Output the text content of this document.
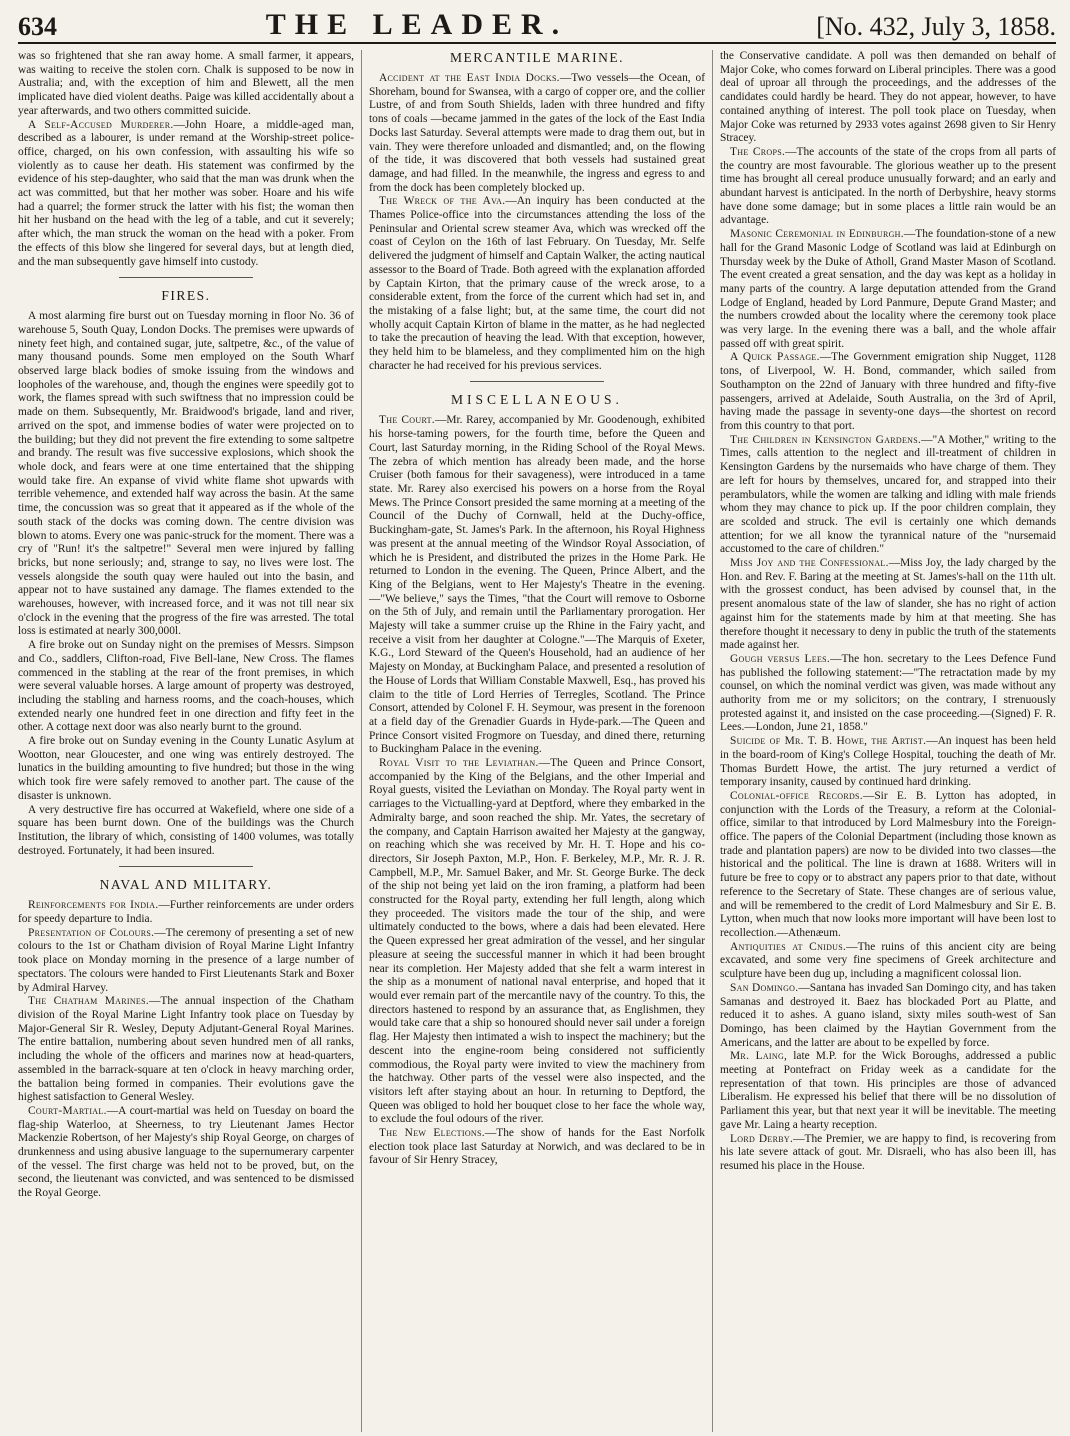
634	THE LEADER.	[No. 432, July 3, 1858.

was so frightened that she ran away home. A small farmer, it appears, was waiting to receive the stolen corn. Chalk is supposed to be now in Australia; and, with the exception of him and Blewett, all the men implicated have died violent deaths. Paige was killed accidentally about a year afterwards, and two others committed suicide.

A Self-Accused Murderer.—John Hoare, a middle-aged man, described as a labourer, is under remand at the Worship-street police-office, charged, on his own confession, with assaulting his wife so violently as to cause her death. His statement was confirmed by the evidence of his step-daughter, who said that the man was drunk when the act was committed, but that her mother was sober. Hoare and his wife had a quarrel; the former struck the latter with his fist; the woman then hit her husband on the head with the leg of a table, and cut it severely; after which, the man struck the woman on the head with a poker. From the effects of this blow she lingered for several days, but at length died, and the man subsequently gave himself into custody.

FIRES.

A most alarming fire burst out on Tuesday morning in floor No. 36 of warehouse 5, South Quay, London Docks. The premises were upwards of ninety feet high, and contained sugar, jute, saltpetre, &c., of the value of many thousand pounds. Some men employed on the South Wharf observed large black bodies of smoke issuing from the windows and loopholes of the warehouse, and, though the engines were speedily got to work, the flames spread with such swiftness that no impression could be made on them. Subsequently, Mr. Braidwood's brigade, land and river, arrived on the spot, and immense bodies of water were projected on to the building; but they did not prevent the fire extending to some saltpetre and brandy. The result was five successive explosions, which shook the whole dock, and fears were at one time entertained that the shipping would take fire. An expanse of vivid white flame shot upwards with terrible vehemence, and extended half way across the basin. At the same time, the concussion was so great that it appeared as if the whole of the south stack of the docks was coming down. The centre division was blown to atoms. Every one was panic-struck for the moment. There was a cry of "Run! it's the saltpetre!" Several men were injured by falling bricks, but none seriously; and, strange to say, no lives were lost. The vessels alongside the south quay were hauled out into the basin, and appear not to have sustained any damage. The flames extended to the warehouses, however, with increased force, and it was not till near six o'clock in the evening that the progress of the fire was arrested. The total loss is estimated at nearly 300,000l.

A fire broke out on Sunday night on the premises of Messrs. Simpson and Co., saddlers, Clifton-road, Five Bell-lane, New Cross. The flames commenced in the stabling at the rear of the front premises, in which were several valuable horses. A large amount of property was destroyed, including the stabling and harness rooms, and the coach-houses, which extended nearly one hundred feet in one direction and fifty feet in the other. A cottage next door was also nearly burnt to the ground.

A fire broke out on Sunday evening in the County Lunatic Asylum at Wootton, near Gloucester, and one wing was entirely destroyed. The lunatics in the building amounting to five hundred; but those in the wing which took fire were safely removed to another part. The cause of the disaster is unknown.

A very destructive fire has occurred at Wakefield, where one side of a square has been burnt down. One of the buildings was the Church Institution, the library of which, consisting of 1400 volumes, was totally destroyed. Fortunately, it had been insured.

NAVAL AND MILITARY.

Reinforcements for India.—Further reinforcements are under orders for speedy departure to India.

Presentation of Colours.—The ceremony of presenting a set of new colours to the 1st or Chatham division of Royal Marine Light Infantry took place on Monday morning in the presence of a large number of spectators. The colours were handed to First Lieutenants Stark and Boxer by Admiral Harvey.

The Chatham Marines.—The annual inspection of the Chatham division of the Royal Marine Light Infantry took place on Tuesday by Major-General Sir R. Wesley, Deputy Adjutant-General Royal Marines. The entire battalion, numbering about seven hundred men of all ranks, including the whole of the officers and marines now at head-quarters, assembled in the barrack-square at ten o'clock in heavy marching order, the battalion being formed in companies. Their evolutions gave the highest satisfaction to General Wesley.

Court-Martial.—A court-martial was held on Tuesday on board the flag-ship Waterloo, at Sheerness, to try Lieutenant James Hector Mackenzie Robertson, of her Majesty's ship Royal George, on charges of drunkenness and using abusive language to the supernumerary carpenter of the vessel. The first charge was held not to be proved, but, on the second, the lieutenant was convicted, and was sentenced to be dismissed the Royal George.

MERCANTILE MARINE.

Accident at the East India Docks.—Two vessels—the Ocean, of Shoreham, bound for Swansea, with a cargo of copper ore, and the collier Lustre, of and from South Shields, laden with three hundred and fifty tons of coals —became jammed in the gates of the lock of the East India Docks last Saturday. Several attempts were made to drag them out, but in vain. They were therefore unloaded and dismantled; and, on the flowing of the tide, it was discovered that both vessels had sustained great damage, and had filled. In the meanwhile, the ingress and egress to and from the dock has been completely blocked up.

The Wreck of the Ava.—An inquiry has been conducted at the Thames Police-office into the circumstances attending the loss of the Peninsular and Oriental screw steamer Ava, which was wrecked off the coast of Ceylon on the 16th of last February. On Tuesday, Mr. Selfe delivered the judgment of himself and Captain Walker, the acting nautical assessor to the Board of Trade. Both agreed with the explanation afforded by Captain Kirton, that the primary cause of the wreck arose, to a considerable extent, from the force of the current which had set in, and the mistaking of a false light; but, at the same time, the court did not wholly acquit Captain Kirton of blame in the matter, as he had neglected to take the precaution of heaving the lead. With that exception, however, they held him to be blameless, and they complimented him on the high character he had received for his previous services.

MISCELLANEOUS.

The Court.—Mr. Rarey, accompanied by Mr. Goodenough, exhibited his horse-taming powers, for the fourth time, before the Queen and Court, last Saturday morning, in the Riding School of the Royal Mews. The zebra of which mention has already been made, and the horse Cruiser (both famous for their savageness), were introduced in a tame state. Mr. Rarey also exercised his powers on a horse from the Royal Mews. The Prince Consort presided the same morning at a meeting of the Council of the Duchy of Cornwall, held at the Duchy-office, Buckingham-gate, St. James's Park. In the afternoon, his Royal Highness was present at the annual meeting of the Windsor Royal Association, of which he is President, and distributed the prizes in the Home Park. He returned to London in the evening. The Queen, Prince Albert, and the King of the Belgians, went to Her Majesty's Theatre in the evening.—"We believe," says the Times, "that the Court will remove to Osborne on the 5th of July, and remain until the Parliamentary prorogation. Her Majesty will take a summer cruise up the Rhine in the Fairy yacht, and receive a visit from her daughter at Cologne."—The Marquis of Exeter, K.G., Lord Steward of the Queen's Household, had an audience of her Majesty on Monday, at Buckingham Palace, and presented a resolution of the House of Lords that William Constable Maxwell, Esq., has proved his claim to the title of Lord Herries of Terregles, Scotland. The Prince Consort, attended by Colonel F. H. Seymour, was present in the forenoon at a field day of the Grenadier Guards in Hyde-park.—The Queen and Prince Consort visited Frogmore on Tuesday, and dined there, returning to Buckingham Palace in the evening.

Royal Visit to the Leviathan.—The Queen and Prince Consort, accompanied by the King of the Belgians, and the other Imperial and Royal guests, visited the Leviathan on Monday. The Royal party went in carriages to the Victualling-yard at Deptford, where they embarked in the Admiralty barge, and soon reached the ship. Mr. Yates, the secretary of the company, and Captain Harrison awaited her Majesty at the gangway, on reaching which she was received by Mr. H. T. Hope and his co-directors, Sir Joseph Paxton, M.P., Hon. F. Berkeley, M.P., Mr. R. J. R. Campbell, M.P., Mr. Samuel Baker, and Mr. St. George Burke. The deck of the ship not being yet laid on the iron framing, a platform had been constructed for the Royal party, extending her full length, along which they proceeded. The visitors made the tour of the ship, and were ultimately conducted to the bows, where a dais had been elevated. Here the Queen expressed her great admiration of the vessel, and her singular pleasure at seeing the successful manner in which it had been brought near its completion. Her Majesty added that she felt a warm interest in the ship as a monument of national naval enterprise, and hoped that it would ever remain part of the mercantile navy of the country. To this, the directors hastened to respond by an assurance that, as Englishmen, they would take care that a ship so honoured should never sail under a foreign flag. Her Majesty then intimated a wish to inspect the machinery; but the descent into the engine-room being considered not sufficiently commodious, the Royal party were invited to view the machinery from the hatchway. Other parts of the vessel were also inspected, and the visitors left after staying about an hour. In returning to Deptford, the Queen was obliged to hold her bouquet close to her face the whole way, to exclude the foul odours of the river.

The New Elections.—The show of hands for the East Norfolk election took place last Saturday at Norwich, and was declared to be in favour of Sir Henry Stracey,

the Conservative candidate. A poll was then demanded on behalf of Major Coke, who comes forward on Liberal principles. There was a good deal of uproar all through the proceedings, and the addresses of the candidates could hardly be heard. They do not appear, however, to have contained anything of interest. The poll took place on Tuesday, when Major Coke was returned by 2933 votes against 2698 given to Sir Henry Stracey.

The Crops.—The accounts of the state of the crops from all parts of the country are most favourable. The glorious weather up to the present time has brought all cereal produce unusually forward; and an early and abundant harvest is anticipated. In the north of Derbyshire, heavy storms have done some damage; but in some places a little rain would be an advantage.

Masonic Ceremonial in Edinburgh.—The foundation-stone of a new hall for the Grand Masonic Lodge of Scotland was laid at Edinburgh on Thursday week by the Duke of Atholl, Grand Master Mason of Scotland. The event created a great sensation, and the day was kept as a holiday in many parts of the country. A large deputation attended from the Grand Lodge of England, headed by Lord Panmure, Depute Grand Master; and the numbers crowded about the locality where the ceremony took place was very large. In the evening there was a ball, and the whole affair passed off with great spirit.

A Quick Passage.—The Government emigration ship Nugget, 1128 tons, of Liverpool, W. H. Bond, commander, which sailed from Southampton on the 22nd of January with three hundred and fifty-five passengers, arrived at Adelaide, South Australia, on the 3rd of April, having made the passage in seventy-one days—the shortest on record from this country to that port.

The Children in Kensington Gardens.—"A Mother," writing to the Times, calls attention to the neglect and ill-treatment of children in Kensington Gardens by the nursemaids who have charge of them. They are left for hours by themselves, uncared for, and strapped into their perambulators, while the women are talking and idling with male friends whom they may chance to pick up. If the poor children complain, they are scolded and struck. The evil is certainly one which demands attention; for we all know the tyrannical nature of the "nursemaid accustomed to the care of children."

Miss Joy and the Confessional.—Miss Joy, the lady charged by the Hon. and Rev. F. Baring at the meeting at St. James's-hall on the 11th ult. with the grossest conduct, has been advised by counsel that, in the present anomalous state of the law of slander, she has no right of action against him for the statements made by him at that meeting. She has therefore thought it necessary to deny in public the truth of the statements made against her.

Gough versus Lees.—The hon. secretary to the Lees Defence Fund has published the following statement:—"The retractation made by my counsel, on which the nominal verdict was given, was made without any authority from me or my solicitors; on the contrary, I strenuously protested against it, and insisted on the case proceeding.—(Signed) F. R. Lees.—London, June 21, 1858."

Suicide of Mr. T. B. Howe, the Artist.—An inquest has been held in the board-room of King's College Hospital, touching the death of Mr. Thomas Burdett Howe, the artist. The jury returned a verdict of temporary insanity, caused by continued hard drinking.

Colonial-office Records.—Sir E. B. Lytton has adopted, in conjunction with the Lords of the Treasury, a reform at the Colonial-office, similar to that introduced by Lord Malmesbury into the Foreign-office. The papers of the Colonial Department (including those known as trade and plantation papers) are now to be divided into two classes—the historical and the political. The line is drawn at 1688. Writers will in future be free to copy or to abstract any papers prior to that date, without reference to the Secretary of State. These changes are of serious value, and will be remembered to the credit of Lord Malmesbury and Sir E. B. Lytton, when much that now looks more important will have been lost to recollection.—Athenæum.

Antiquities at Cnidus.—The ruins of this ancient city are being excavated, and some very fine specimens of Greek architecture and sculpture have been dug up, including a magnificent colossal lion.

San Domingo.—Santana has invaded San Domingo city, and has taken Samanas and destroyed it. Baez has blockaded Port au Platte, and reduced it to ashes. A guano island, sixty miles south-west of San Domingo, has been claimed by the Haytian Government from the Americans, and the latter are about to be expelled by force.

Mr. Laing, late M.P. for the Wick Boroughs, addressed a public meeting at Pontefract on Friday week as a candidate for the representation of that town. His principles are those of advanced Liberalism. He expressed his belief that there will be no dissolution of Parliament this year, but that next year it will be inevitable. The meeting gave Mr. Laing a hearty reception.

Lord Derby.—The Premier, we are happy to find, is recovering from his late severe attack of gout. Mr. Disraeli, who has also been ill, has resumed his place in the House.
